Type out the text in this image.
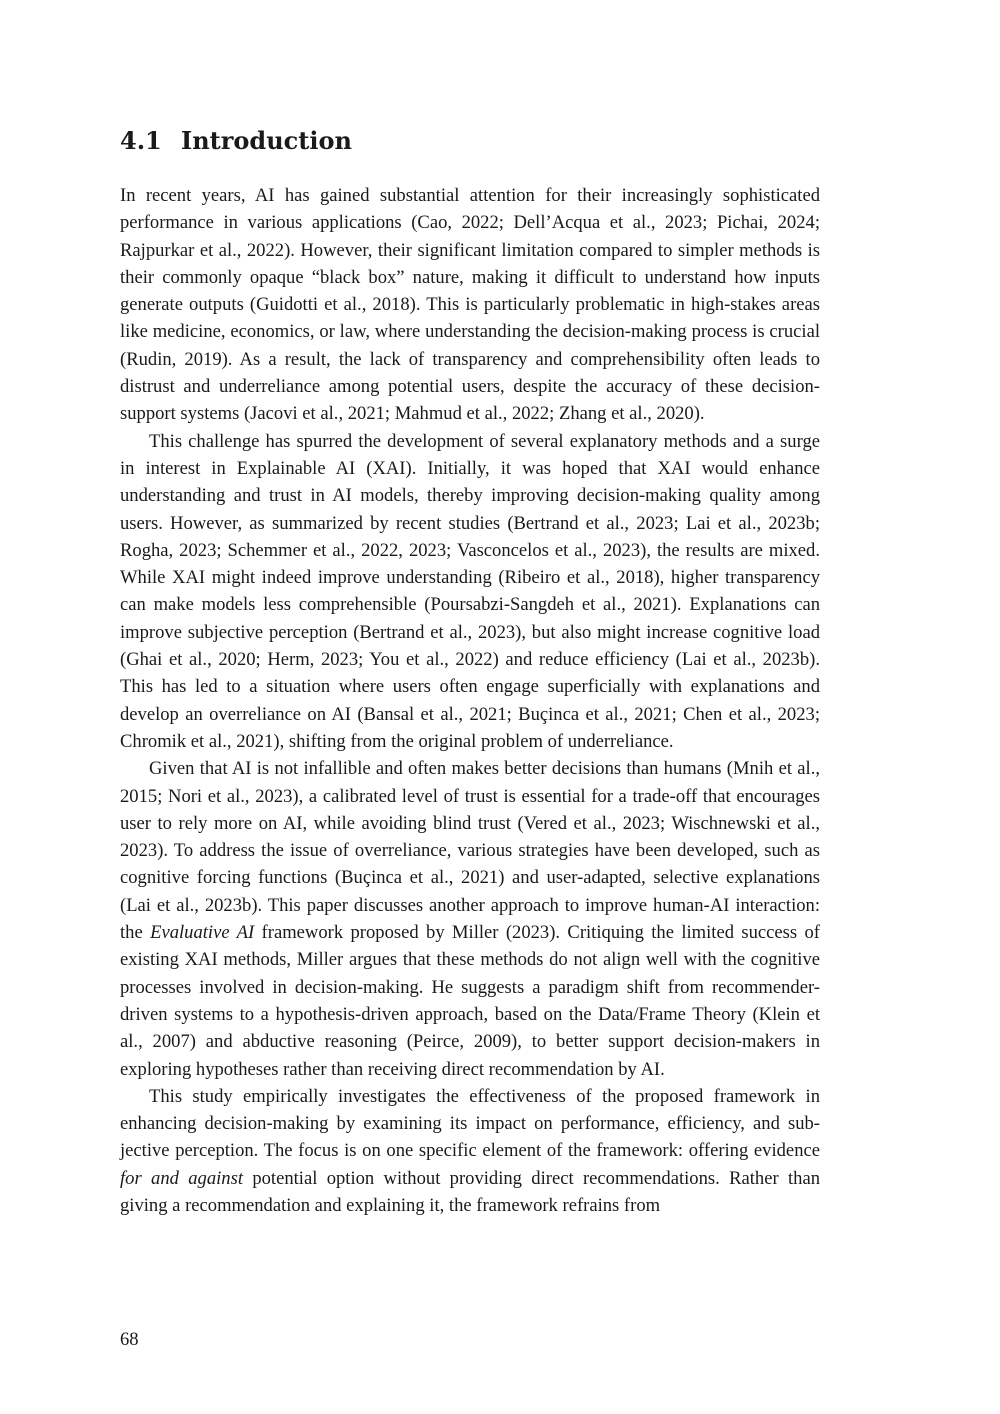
4.1 Introduction

In recent years, AI has gained substantial attention for their increasingly sophisticated performance in various applications (Cao, 2022; Dell’Acqua et al., 2023; Pichai, 2024; Rajpurkar et al., 2022). However, their significant limitation compared to simpler methods is their commonly opaque “black box” nature, making it difficult to understand how inputs generate outputs (Guidotti et al., 2018). This is particularly problematic in high-stakes areas like medicine, economics, or law, where understanding the decision-making process is crucial (Rudin, 2019). As a result, the lack of transparency and comprehensibility often leads to distrust and underreliance among potential users, despite the accuracy of these decision-support systems (Jacovi et al., 2021; Mahmud et al., 2022; Zhang et al., 2020).

This challenge has spurred the development of several explanatory methods and a surge in interest in Explainable AI (XAI). Initially, it was hoped that XAI would enhance understanding and trust in AI models, thereby improving decision-making quality among users. However, as summarized by recent studies (Bertrand et al., 2023; Lai et al., 2023b; Rogha, 2023; Schemmer et al., 2022, 2023; Vasconcelos et al., 2023), the results are mixed. While XAI might indeed improve understanding (Ribeiro et al., 2018), higher transparency can make models less comprehensible (Poursabzi-Sangdeh et al., 2021). Explanations can improve subjective perception (Bertrand et al., 2023), but also might increase cognitive load (Ghai et al., 2020; Herm, 2023; You et al., 2022) and reduce efficiency (Lai et al., 2023b). This has led to a situation where users often engage superficially with explanations and develop an overreliance on AI (Bansal et al., 2021; Buçinca et al., 2021; Chen et al., 2023; Chromik et al., 2021), shifting from the original problem of underreliance.

Given that AI is not infallible and often makes better decisions than humans (Mnih et al., 2015; Nori et al., 2023), a calibrated level of trust is essential for a trade-off that encourages user to rely more on AI, while avoiding blind trust (Vered et al., 2023; Wischnewski et al., 2023). To address the issue of overreliance, various strategies have been developed, such as cognitive forcing functions (Buçinca et al., 2021) and user-adapted, selective explanations (Lai et al., 2023b). This paper discusses another approach to improve human-AI interaction: the Evaluative AI framework proposed by Miller (2023). Critiquing the limited success of existing XAI methods, Miller argues that these methods do not align well with the cognitive processes involved in decision-making. He suggests a paradigm shift from recommender-driven systems to a hypothesis-driven approach, based on the Data/Frame Theory (Klein et al., 2007) and abductive reasoning (Peirce, 2009), to better support decision-makers in exploring hypotheses rather than receiving direct recommendation by AI.

This study empirically investigates the effectiveness of the proposed framework in enhancing decision-making by examining its impact on performance, efficiency, and subjective perception. The focus is on one specific element of the framework: offering evidence for and against potential option without providing direct recommendations. Rather than giving a recommendation and explaining it, the framework refrains from

68
